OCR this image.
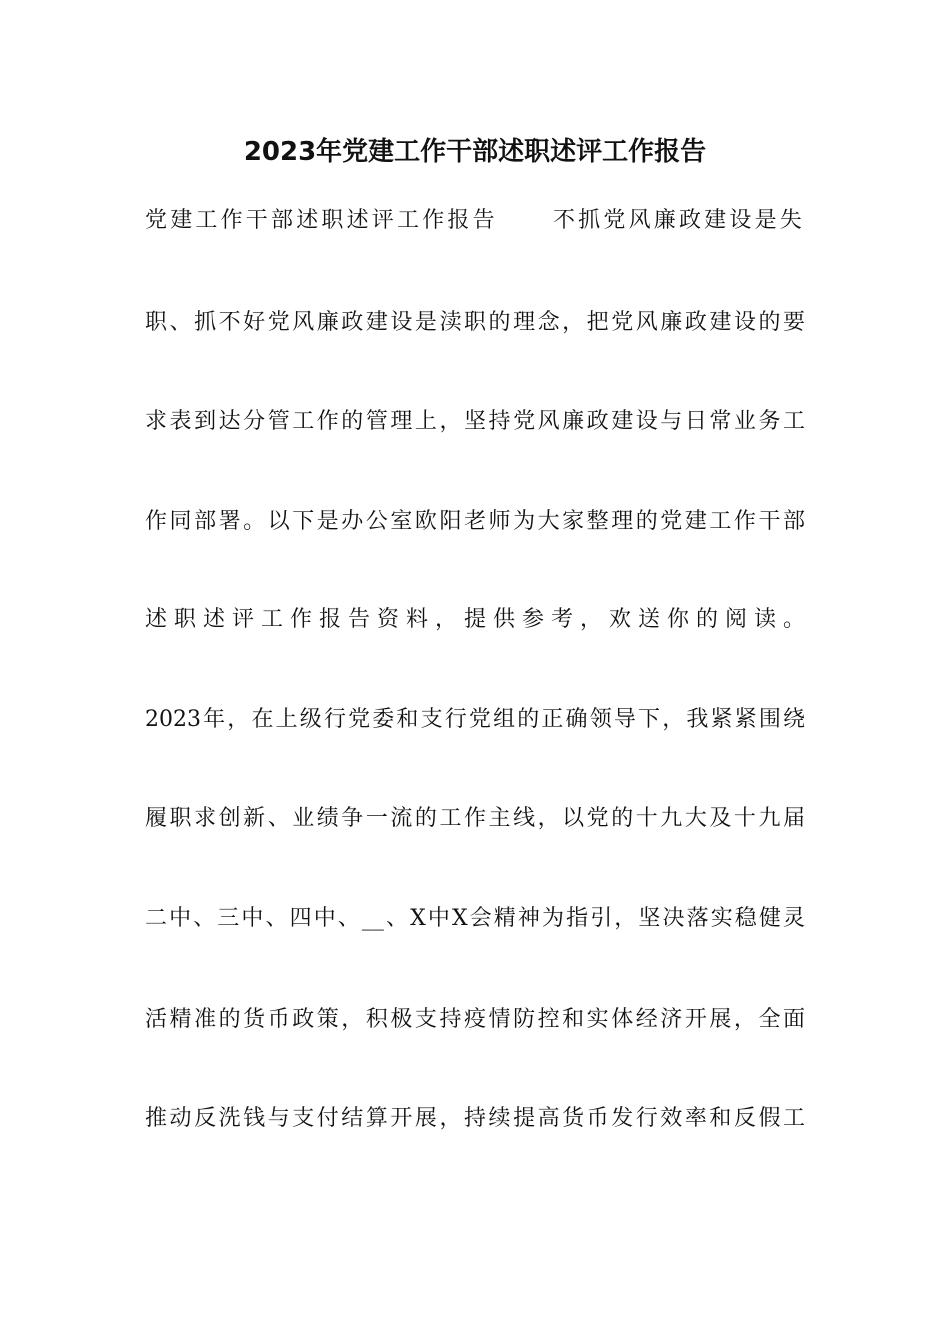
2023年党建工作干部述职述评工作报告
党建工作干部述职述评工作报告	不抓党风廉政建设是失
职、抓不好党风廉政建设是渎职的理念，把党风廉政建设的要
求表到达分管工作的管理上，坚持党风廉政建设与日常业务工
作同部署。以下是办公室欧阳老师为大家整理的党建工作干部
述职述评工作报告资料，提供参考，欢送你的阅读。
2023年，在上级行党委和支行党组的正确领导下，我紧紧围绕
履职求创新、业绩争一流的工作主线，以党的十九大及十九届
二中、三中、四中、__、X中X会精神为指引，坚决落实稳健灵
活精准的货币政策，积极支持疫情防控和实体经济开展，全面
推动反洗钱与支付结算开展，持续提高货币发行效率和反假工
